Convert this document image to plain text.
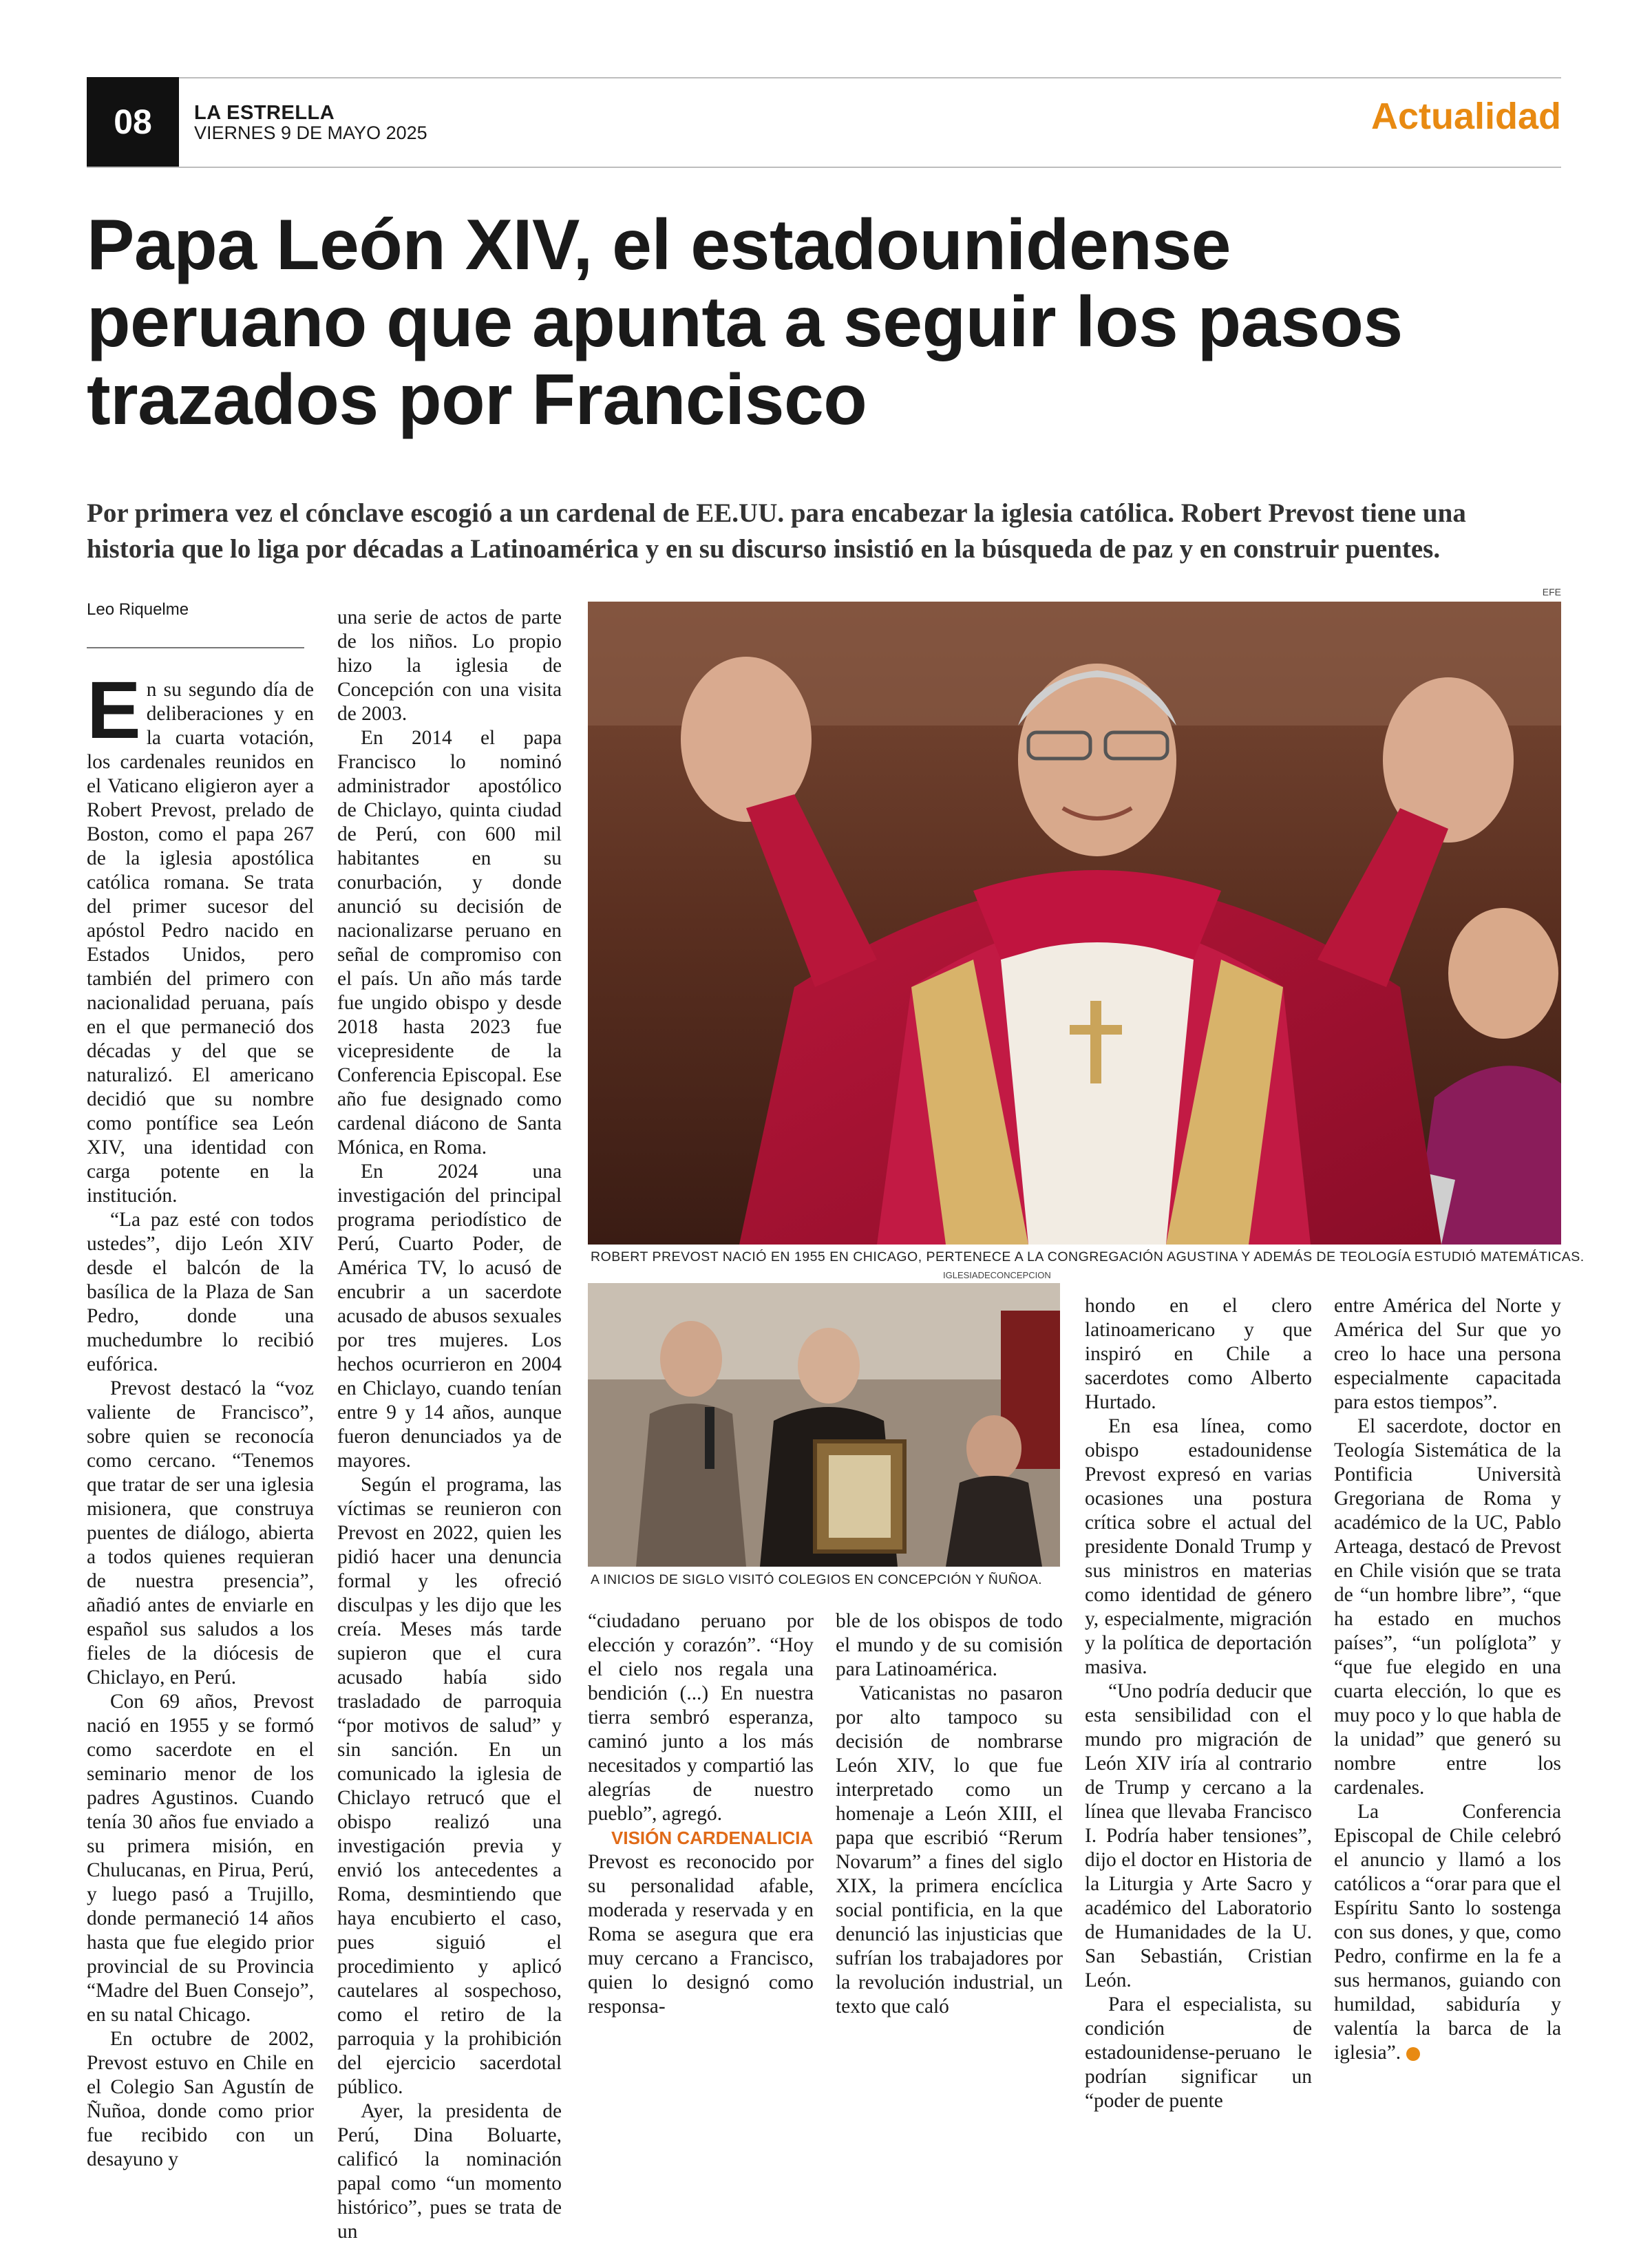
08	LA ESTRELLA
VIERNES 9 DE MAYO 2025	Actualidad
Papa León XIV, el estadounidense
peruano que apunta a seguir los pasos
trazados por Francisco

Por primera vez el cónclave escogió a un cardenal de EE.UU. para encabezar la iglesia católica. Robert Prevost tiene una
historia que lo liga por décadas a Latinoamérica y en su discurso insistió en la búsqueda de paz y en construir puentes.

Leo Riquelme

En su segundo día de deliberaciones y en la cuarta votación, los cardenales reunidos en el Vaticano eligieron ayer a Robert Prevost, prelado de Boston, como el papa 267 de la iglesia apostólica católica romana. Se trata del primer sucesor del apóstol Pedro nacido en Estados Unidos, pero también del primero con nacionalidad peruana, país en el que permaneció dos décadas y del que se naturalizó. El americano decidió que su nombre como pontífice sea León XIV, una identidad con carga potente en la institución.

“La paz esté con todos ustedes”, dijo León XIV desde el balcón de la basílica de la Plaza de San Pedro, donde una muchedumbre lo recibió eufórica.

Prevost destacó la “voz valiente de Francisco”, sobre quien se reconocía como cercano. “Tenemos que tratar de ser una iglesia misionera, que construya puentes de diálogo, abierta a todos quienes requieran de nuestra presencia”, añadió antes de enviarle en español sus saludos a los fieles de la diócesis de Chiclayo, en Perú.

Con 69 años, Prevost nació en 1955 y se formó como sacerdote en el seminario menor de los padres Agustinos. Cuando tenía 30 años fue enviado a su primera misión, en Chulucanas, en Pirua, Perú, y luego pasó a Trujillo, donde permaneció 14 años hasta que fue elegido prior provincial de su Provincia “Madre del Buen Consejo”, en su natal Chicago.

En octubre de 2002, Prevost estuvo en Chile en el Colegio San Agustín de Ñuñoa, donde como prior fue recibido con un desayuno y

una serie de actos de parte de los niños. Lo propio hizo la iglesia de Concepción con una visita de 2003.

En 2014 el papa Francisco lo nominó administrador apostólico de Chiclayo, quinta ciudad de Perú, con 600 mil habitantes en su conurbación, y donde anunció su decisión de nacionalizarse peruano en señal de compromiso con el país. Un año más tarde fue ungido obispo y desde 2018 hasta 2023 fue vicepresidente de la Conferencia Episcopal. Ese año fue designado como cardenal diácono de Santa Mónica, en Roma.

En 2024 una investigación del principal programa periodístico de Perú, Cuarto Poder, de América TV, lo acusó de encubrir a un sacerdote acusado de abusos sexuales por tres mujeres. Los hechos ocurrieron en 2004 en Chiclayo, cuando tenían entre 9 y 14 años, aunque fueron denunciados ya de mayores.

Según el programa, las víctimas se reunieron con Prevost en 2022, quien les pidió hacer una denuncia formal y les ofreció disculpas y les dijo que les creía. Meses más tarde supieron que el cura acusado había sido trasladado de parroquia “por motivos de salud” y sin sanción. En un comunicado la iglesia de Chiclayo retrucó que el obispo realizó una investigación previa y envió los antecedentes a Roma, desmintiendo que haya encubierto el caso, pues siguió el procedimiento y aplicó cautelares al sospechoso, como el retiro de la parroquia y la prohibición del ejercicio sacerdotal público.

Ayer, la presidenta de Perú, Dina Boluarte, calificó la nominación papal como “un momento histórico”, pues se trata de un

EFE
ROBERT PREVOST NACIÓ EN 1955 EN CHICAGO, PERTENECE A LA CONGREGACIÓN AGUSTINA Y ADEMÁS DE TEOLOGÍA ESTUDIÓ MATEMÁTICAS.
IGLESIADECONCEPCION
A INICIOS DE SIGLO VISITÓ COLEGIOS EN CONCEPCIÓN Y ÑUÑOA.

“ciudadano peruano por elección y corazón”. “Hoy el cielo nos regala una bendición (...) En nuestra tierra sembró esperanza, caminó junto a los más necesitados y compartió las alegrías de nuestro pueblo”, agregó.

VISIÓN CARDENALICIA

Prevost es reconocido por su personalidad afable, moderada y reservada y en Roma se asegura que era muy cercano a Francisco, quien lo designó como responsa-

ble de los obispos de todo el mundo y de su comisión para Latinoamérica.

Vaticanistas no pasaron por alto tampoco su decisión de nombrarse León XIV, lo que fue interpretado como un homenaje a León XIII, el papa que escribió “Rerum Novarum” a fines del siglo XIX, la primera encíclica social pontificia, en la que denunció las injusticias que sufrían los trabajadores por la revolución industrial, un texto que caló

hondo en el clero latinoamericano y que inspiró en Chile a sacerdotes como Alberto Hurtado.

En esa línea, como obispo estadounidense Prevost expresó en varias ocasiones una postura crítica sobre el actual del presidente Donald Trump y sus ministros en materias como identidad de género y, especialmente, migración y la política de deportación masiva.

“Uno podría deducir que esta sensibilidad con el mundo pro migración de León XIV iría al contrario de Trump y cercano a la línea que llevaba Francisco I. Podría haber tensiones”, dijo el doctor en Historia de la Liturgia y Arte Sacro y académico del Laboratorio de Humanidades de la U. San Sebastián, Cristian León.

Para el especialista, su condición de estadounidense-peruano le podrían significar un “poder de puente

entre América del Norte y América del Sur que yo creo lo hace una persona especialmente capacitada para estos tiempos”.

El sacerdote, doctor en Teología Sistemática de la Pontificia Università Gregoriana de Roma y académico de la UC, Pablo Arteaga, destacó de Prevost en Chile visión que se trata de “un hombre libre”, “que ha estado en muchos países”, “un políglota” y “que fue elegido en una cuarta elección, lo que es muy poco y lo que habla de la unidad” que generó su nombre entre los cardenales.

La Conferencia Episcopal de Chile celebró el anuncio y llamó a los católicos a “orar para que el Espíritu Santo lo sostenga con sus dones, y que, como Pedro, confirme en la fe a sus hermanos, guiando con humildad, sabiduría y valentía la barca de la iglesia”.
